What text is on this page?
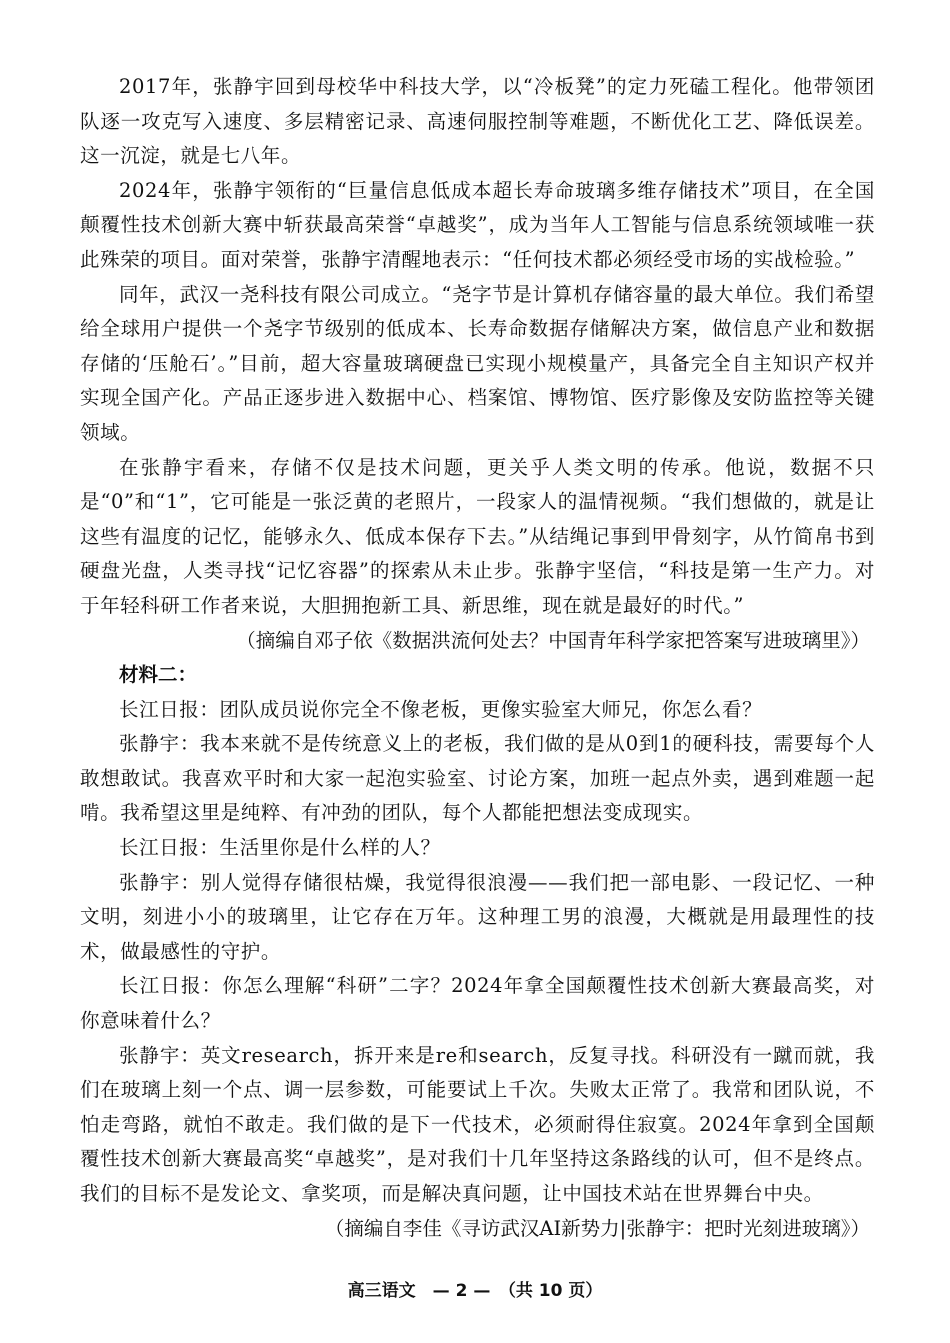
2017年，张静宇回到母校华中科技大学，以“冷板凳”的定力死磕工程化。他带领团队逐一攻克写入速度、多层精密记录、高速伺服控制等难题，不断优化工艺、降低误差。这一沉淀，就是七八年。

2024年，张静宇领衔的“巨量信息低成本超长寿命玻璃多维存储技术”项目，在全国颠覆性技术创新大赛中斩获最高荣誉“卓越奖”，成为当年人工智能与信息系统领域唯一获此殊荣的项目。面对荣誉，张静宇清醒地表示：“任何技术都必须经受市场的实战检验。”

同年，武汉一尧科技有限公司成立。“尧字节是计算机存储容量的最大单位。我们希望给全球用户提供一个尧字节级别的低成本、长寿命数据存储解决方案，做信息产业和数据存储的‘压舱石’。”目前，超大容量玻璃硬盘已实现小规模量产，具备完全自主知识产权并实现全国产化。产品正逐步进入数据中心、档案馆、博物馆、医疗影像及安防监控等关键领域。

在张静宇看来，存储不仅是技术问题，更关乎人类文明的传承。他说，数据不只是“0”和“1”，它可能是一张泛黄的老照片，一段家人的温情视频。“我们想做的，就是让这些有温度的记忆，能够永久、低成本保存下去。”从结绳记事到甲骨刻字，从竹简帛书到硬盘光盘，人类寻找“记忆容器”的探索从未止步。张静宇坚信，“科技是第一生产力。对于年轻科研工作者来说，大胆拥抱新工具、新思维，现在就是最好的时代。”

（摘编自邓子依《数据洪流何处去？中国青年科学家把答案写进玻璃里》）

材料二：

长江日报：团队成员说你完全不像老板，更像实验室大师兄，你怎么看？

张静宇：我本来就不是传统意义上的老板，我们做的是从0到1的硬科技，需要每个人敢想敢试。我喜欢平时和大家一起泡实验室、讨论方案，加班一起点外卖，遇到难题一起啃。我希望这里是纯粹、有冲劲的团队，每个人都能把想法变成现实。

长江日报：生活里你是什么样的人？

张静宇：别人觉得存储很枯燥，我觉得很浪漫——我们把一部电影、一段记忆、一种文明，刻进小小的玻璃里，让它存在万年。这种理工男的浪漫，大概就是用最理性的技术，做最感性的守护。

长江日报：你怎么理解“科研”二字？2024年拿全国颠覆性技术创新大赛最高奖，对你意味着什么？

张静宇：英文research，拆开来是re和search，反复寻找。科研没有一蹴而就，我们在玻璃上刻一个点、调一层参数，可能要试上千次。失败太正常了。我常和团队说，不怕走弯路，就怕不敢走。我们做的是下一代技术，必须耐得住寂寞。2024年拿到全国颠覆性技术创新大赛最高奖“卓越奖”，是对我们十几年坚持这条路线的认可，但不是终点。我们的目标不是发论文、拿奖项，而是解决真问题，让中国技术站在世界舞台中央。

（摘编自李佳《寻访武汉AI新势力|张静宇：把时光刻进玻璃》）

高三语文　— 2 —　（共 10 页）
